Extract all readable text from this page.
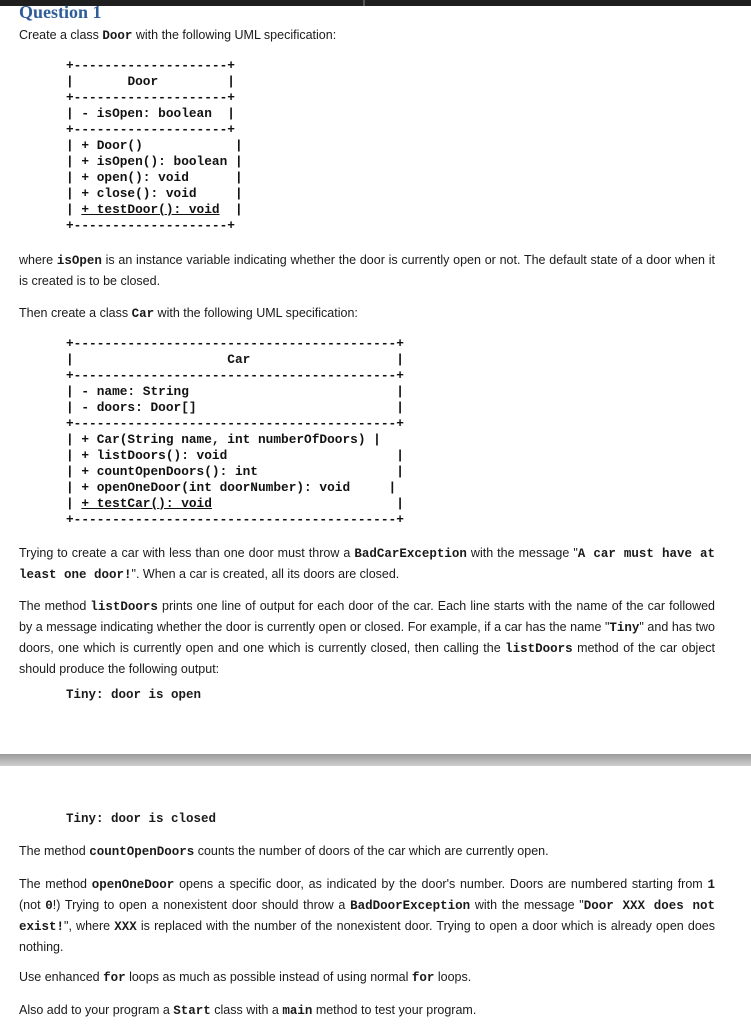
Question 1
Create a class Door with the following UML specification:
+--------------------+
|	Door	|
+--------------------+
| - isOpen: boolean  |
+--------------------+
| + Door()	|
| + isOpen(): boolean |
| + open(): void	|
| + close(): void	|
| + testDoor(): void  |
+--------------------+
where isOpen is an instance variable indicating whether the door is currently open or not. The default state of a door when it is created is to be closed.
Then create a class Car with the following UML specification:
+------------------------------------------+
|	Car	|
+------------------------------------------+
| - name: String	|
| - doors: Door[]	|
+------------------------------------------+
| + Car(String name, int numberOfDoors) |
| + listDoors(): void	|
| + countOpenDoors(): int	|
| + openOneDoor(int doorNumber): void	|
| + testCar(): void	|
+------------------------------------------+
Trying to create a car with less than one door must throw a BadCarException with the message "A car must have at least one door!". When a car is created, all its doors are closed.
The method listDoors prints one line of output for each door of the car. Each line starts with the name of the car followed by a message indicating whether the door is currently open or closed. For example, if a car has the name "Tiny" and has two doors, one which is currently open and one which is currently closed, then calling the listDoors method of the car object should produce the following output:
Tiny: door is open
Tiny: door is closed
The method countOpenDoors counts the number of doors of the car which are currently open.
The method openOneDoor opens a specific door, as indicated by the door's number. Doors are numbered starting from 1 (not 0!) Trying to open a nonexistent door should throw a BadDoorException with the message "Door XXX does not exist!", where XXX is replaced with the number of the nonexistent door. Trying to open a door which is already open does nothing.
Use enhanced for loops as much as possible instead of using normal for loops.
Also add to your program a Start class with a main method to test your program.
